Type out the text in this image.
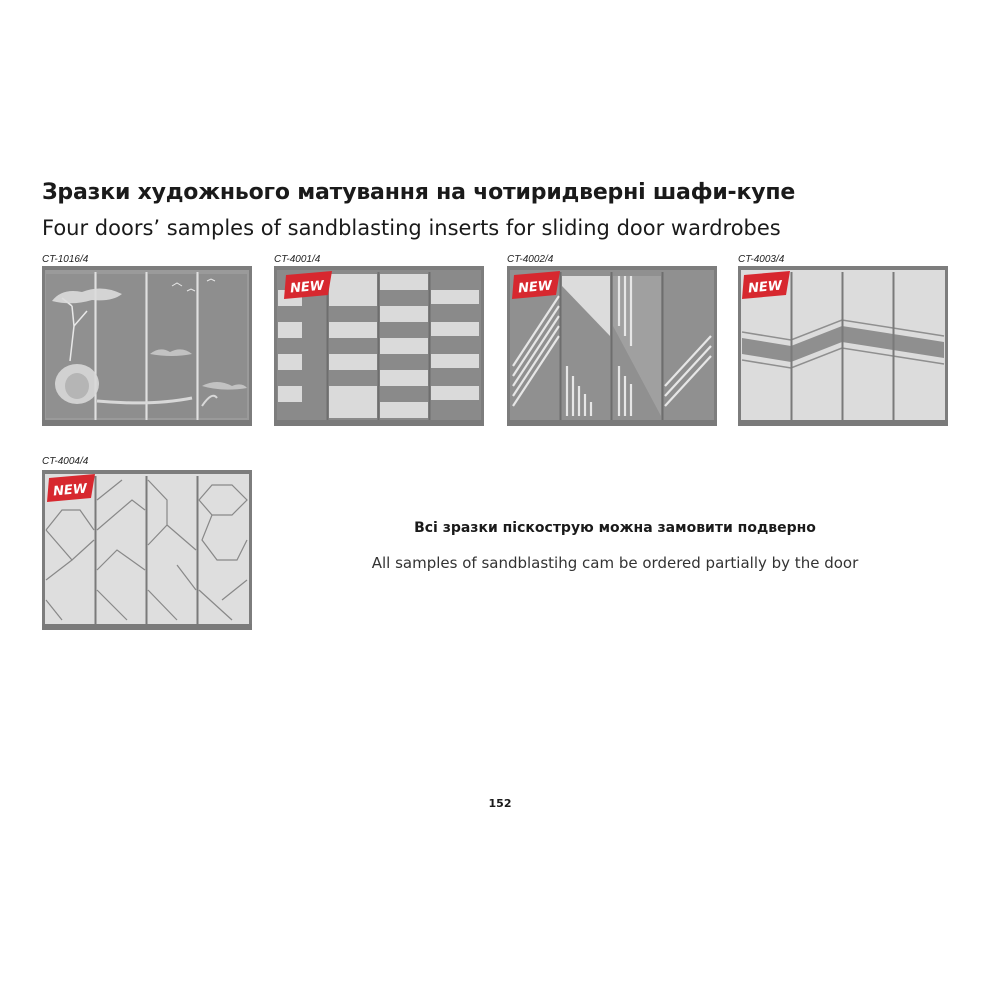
Зразки художнього матування на чотиридверні шафи-купе
Four doors’ samples of sandblasting inserts for sliding door wardrobes
CT-1016/4	CT-4001/4
NEW
CT-4002/4
NEW
CT-4003/4
NEW
CT-4004/4
NEW
Всі зразки піскострую можна замовити подверно
All samples of sandblastihg cam be ordered partially by the door
152
